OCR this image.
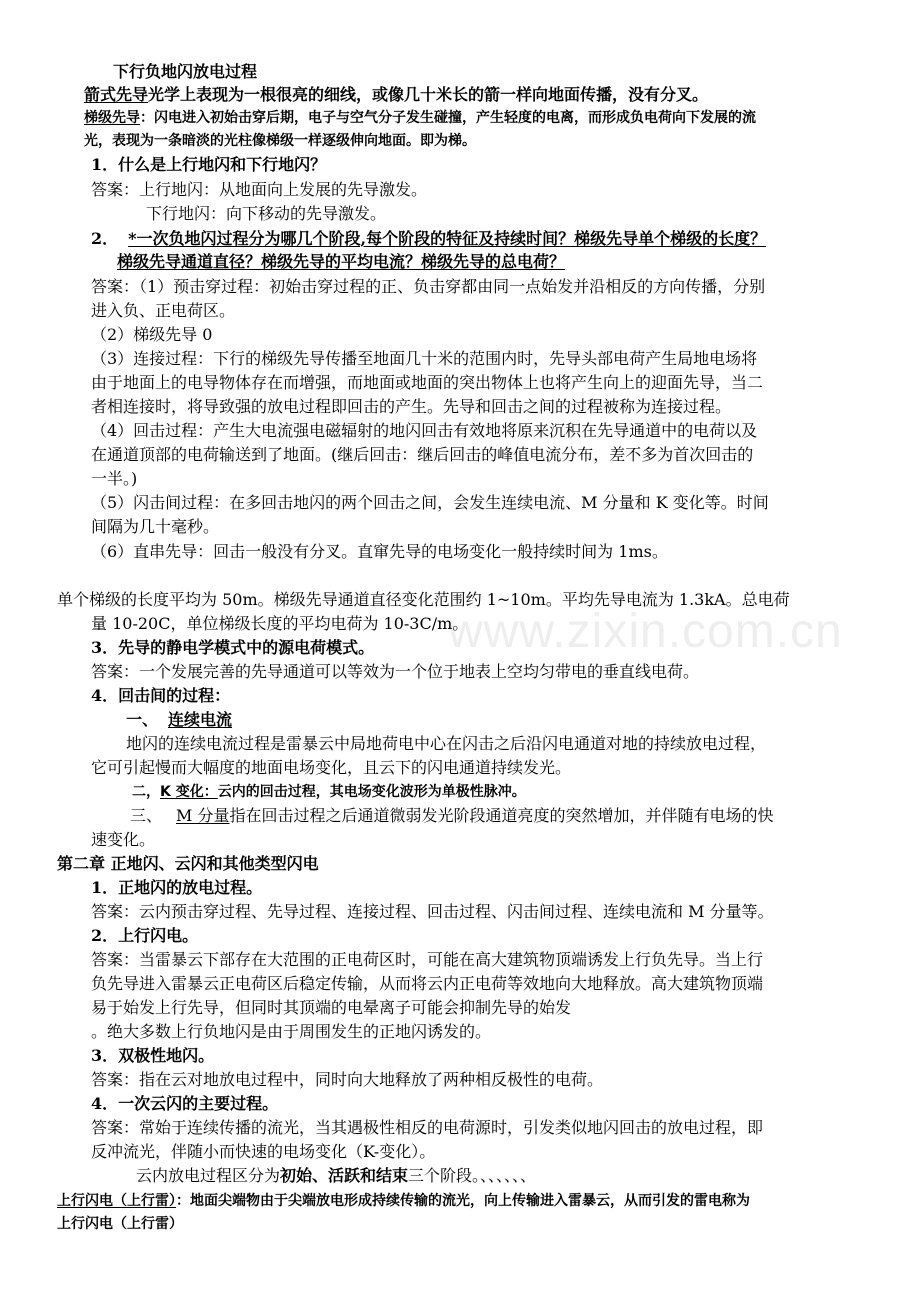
www.zixin.com.cn
下行负地闪放电过程
箭式先导光学上表现为一根很亮的细线，或像几十米长的箭一样向地面传播，没有分叉。
梯级先导：闪电进入初始击穿后期，电子与空气分子发生碰撞，产生轻度的电离，而形成负电荷向下发展的流
光，表现为一条暗淡的光柱像梯级一样逐级伸向地面。即为梯。
1．什么是上行地闪和下行地闪？
答案：上行地闪：从地面向上发展的先导激发。
下行地闪：向下移动的先导激发。
2． *一次负地闪过程分为哪几个阶段,每个阶段的特征及持续时间？梯级先导单个梯级的长度？
梯级先导通道直径？梯级先导的平均电流？梯级先导的总电荷？
答案：（1）预击穿过程：初始击穿过程的正、负击穿都由同一点始发并沿相反的方向传播，分别
进入负、正电荷区。
（2）梯级先导 0
（3）连接过程：下行的梯级先导传播至地面几十米的范围内时，先导头部电荷产生局地电场将
由于地面上的电导物体存在而增强，而地面或地面的突出物体上也将产生向上的迎面先导，当二
者相连接时，将导致强的放电过程即回击的产生。先导和回击之间的过程被称为连接过程。
（4）回击过程：产生大电流强电磁辐射的地闪回击有效地将原来沉积在先导通道中的电荷以及
在通道顶部的电荷输送到了地面。(继后回击：继后回击的峰值电流分布，差不多为首次回击的
一半。)
（5）闪击间过程：在多回击地闪的两个回击之间，会发生连续电流、M 分量和 K 变化等。时间
间隔为几十毫秒。
（6）直串先导：回击一般没有分叉。直窜先导的电场变化一般持续时间为 1ms。
单个梯级的长度平均为 50m。梯级先导通道直径变化范围约 1~10m。平均先导电流为 1.3kA。总电荷
量 10-20C，单位梯级长度的平均电荷为 10-3C/m。
3．先导的静电学模式中的源电荷模式。
答案：一个发展完善的先导通道可以等效为一个位于地表上空均匀带电的垂直线电荷。
4．回击间的过程：
一、 连续电流
地闪的连续电流过程是雷暴云中局地荷电中心在闪击之后沿闪电通道对地的持续放电过程，
它可引起慢而大幅度的地面电场变化，且云下的闪电通道持续发光。
二，K 变化：云内的回击过程，其电场变化波形为单极性脉冲。
三、 M 分量指在回击过程之后通道微弱发光阶段通道亮度的突然增加，并伴随有电场的快
速变化。
第二章 正地闪、云闪和其他类型闪电
1．正地闪的放电过程。
答案：云内预击穿过程、先导过程、连接过程、回击过程、闪击间过程、连续电流和 M 分量等。
2．上行闪电。
答案：当雷暴云下部存在大范围的正电荷区时，可能在高大建筑物顶端诱发上行负先导。当上行
负先导进入雷暴云正电荷区后稳定传输，从而将云内正电荷等效地向大地释放。高大建筑物顶端
易于始发上行先导，但同时其顶端的电晕离子可能会抑制先导的始发
。绝大多数上行负地闪是由于周围发生的正地闪诱发的。
3．双极性地闪。
答案：指在云对地放电过程中，同时向大地释放了两种相反极性的电荷。
4．一次云闪的主要过程。
答案：常始于连续传播的流光，当其遇极性相反的电荷源时，引发类似地闪回击的放电过程，即
反冲流光，伴随小而快速的电场变化（K-变化）。
云内放电过程区分为初始、活跃和结束三个阶段。、、、、、、
上行闪电（上行雷）：地面尖端物由于尖端放电形成持续传输的流光，向上传输进入雷暴云，从而引发的雷电称为
上行闪电（上行雷）
